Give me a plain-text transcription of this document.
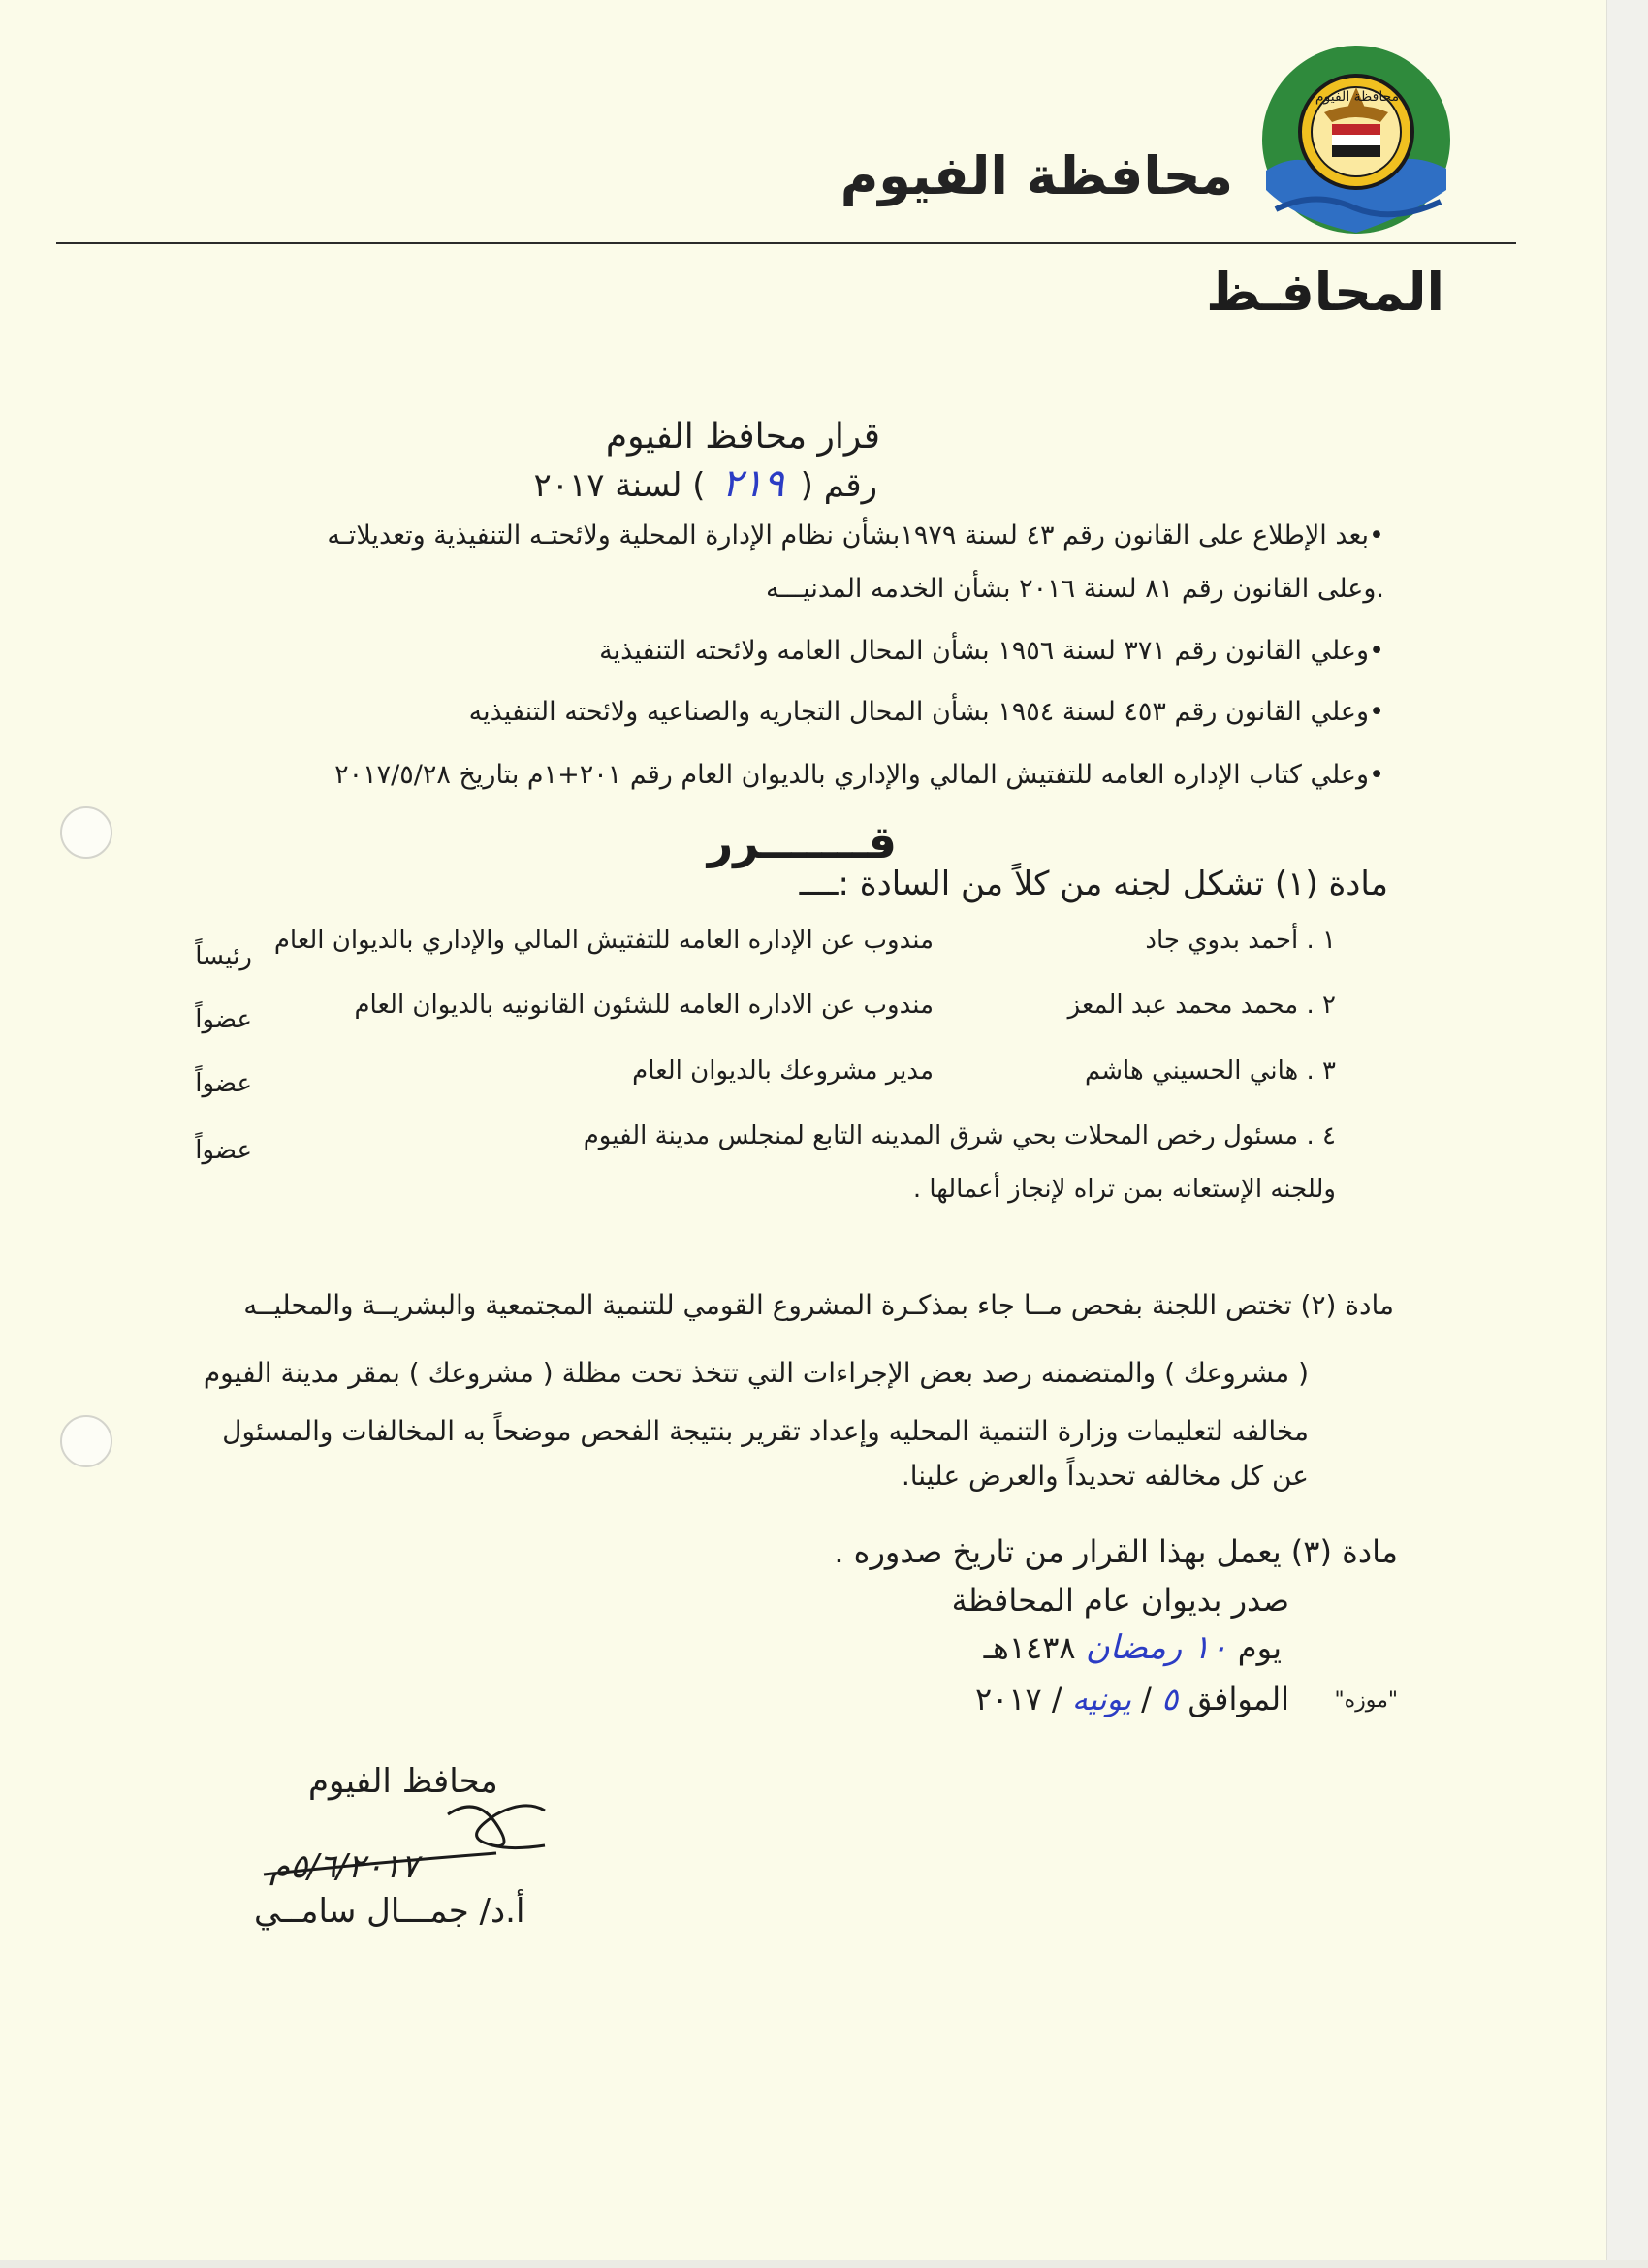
محافظة الفيوم
محافظة الفيوم
المحافـظ
قرار محافظ الفيوم
رقم ( ٢١٩ ) لسنة ٢٠١٧
•بعد الإطلاع على القانون رقم ٤٣ لسنة ١٩٧٩بشأن نظام الإدارة المحلية ولائحتـه التنفيذية وتعديلاتـه
.وعلى القانون رقم ٨١ لسنة ٢٠١٦ بشأن الخدمه المدنيـــه
•وعلي القانون رقم ٣٧١ لسنة ١٩٥٦ بشأن المحال العامه ولائحته التنفيذية
•وعلي القانون رقم ٤٥٣ لسنة ١٩٥٤ بشأن المحال التجاريه والصناعيه ولائحته التنفيذيه
•وعلي كتاب الإداره العامه للتفتيش المالي والإداري بالديوان العام رقم ٢٠١+١م بتاريخ ٢٠١٧/٥/٢٨
قـــــــرر
مادة (١) تشكل لجنه من كلاً من السادة :ــــ
١ . أحمد بدوي جاد
مندوب عن الإداره العامه للتفتيش المالي والإداري بالديوان العام
رئيساً
٢ . محمد محمد عبد المعز
مندوب عن الاداره العامه للشئون القانونيه بالديوان العام
عضواً
٣ . هاني الحسيني هاشم
مدير مشروعك بالديوان العام
عضواً
٤ . مسئول رخص المحلات بحي شرق المدينه التابع لمنجلس مدينة الفيوم
عضواً
وللجنه الإستعانه بمن تراه لإنجاز أعمالها .
مادة (٢) تختص اللجنة بفحص مــا جاء بمذكـرة المشروع القومي للتنمية المجتمعية والبشريــة والمحليــه
( مشروعك ) والمتضمنه رصد بعض الإجراءات التي تتخذ تحت مظلة ( مشروعك ) بمقر مدينة الفيوم
مخالفه لتعليمات وزارة التنمية المحليه وإعداد تقرير بنتيجة الفحص موضحاً به المخالفات والمسئول
عن كل مخالفه تحديداً والعرض علينا.
مادة (٣) يعمل بهذا القرار من تاريخ صدوره .
صدر بديوان عام المحافظة
يوم ١٠ رمضان ١٤٣٨هـ
الموافق ٥ / يونيه / ٢٠١٧	"موزه"
محافظ الفيوم
٥/٦/٢٠١٧م
أ.د/ جمـــال سامــي
